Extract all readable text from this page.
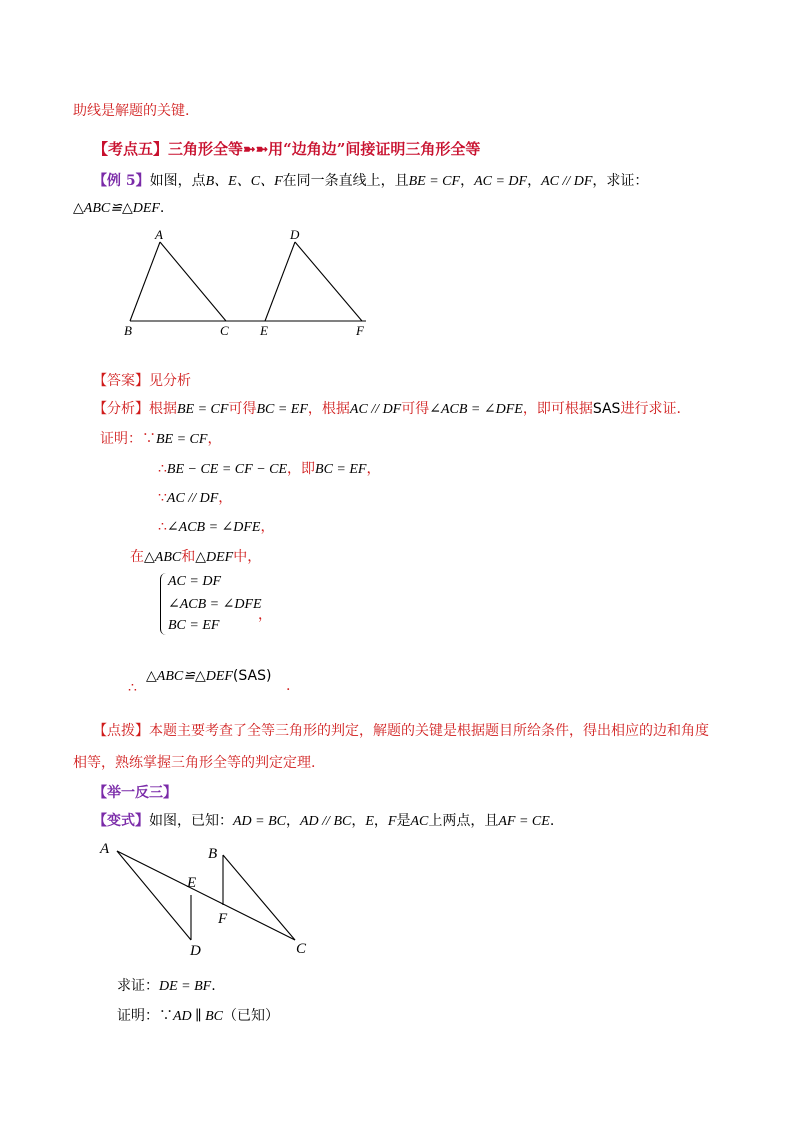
助线是解题的关键.
【考点五】三角形全等➼➼用“边角边”间接证明三角形全等
【例 5】如图，点B、E、C、F在同一条直线上，且BE = CF，AC = DF，AC // DF，求证：
△ABC≌△DEF.
A
B	C
D
E	F
【答案】见分析
【分析】根据BE = CF可得BC = EF，根据AC // DF可得∠ACB = ∠DFE，即可根据SAS进行求证.
证明：∵BE = CF，
∴BE − CE = CF − CE，即BC = EF，
∵AC // DF，
∴∠ACB = ∠DFE，
在△ABC和△DEF中，
AC = DF
∠ACB = ∠DFE
BC = EF
，
∴
△ABC≌△DEF(SAS)
.
【点拨】本题主要考查了全等三角形的判定，解题的关键是根据题目所给条件，得出相应的边和角度
相等，熟练掌握三角形全等的判定定理.
【举一反三】
【变式】如图，已知：AD = BC，AD // BC，E，F是AC上两点，且AF = CE.
A	B
C
D
E
F
求证：DE = BF.
证明：∵AD ∥ BC（已知）
